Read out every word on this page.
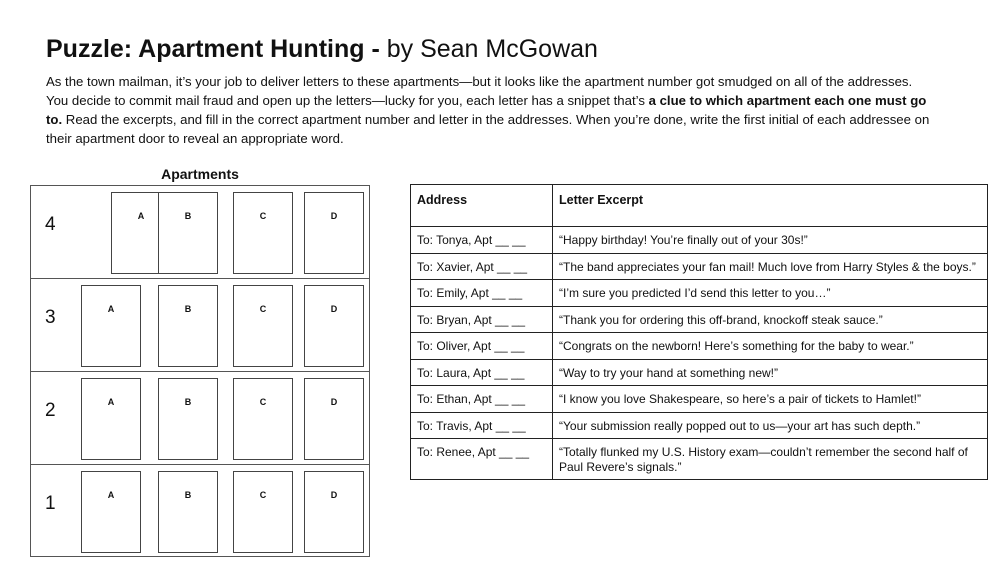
Puzzle: Apartment Hunting - by Sean McGowan
As the town mailman, it’s your job to deliver letters to these apartments—but it looks like the apartment number got smudged on all of the addresses. You decide to commit mail fraud and open up the letters—lucky for you, each letter has a snippet that’s a clue to which apartment each one must go to. Read the excerpts, and fill in the correct apartment number and letter in the addresses. When you’re done, write the first initial of each addressee on their apartment door to reveal an appropriate word.
Apartments
4	A	B	C	D
3	A	B	C	D
2	A	B	C	D
1	A	B	C	D
Address	Letter Excerpt
To: Tonya, Apt __ __	“Happy birthday! You’re finally out of your 30s!”
To: Xavier, Apt __ __	“The band appreciates your fan mail! Much love from Harry Styles & the boys.”
To: Emily, Apt __ __	“I’m sure you predicted I’d send this letter to you…”
To: Bryan, Apt __ __	“Thank you for ordering this off-brand, knockoff steak sauce.”
To: Oliver, Apt __ __	“Congrats on the newborn! Here’s something for the baby to wear.”
To: Laura, Apt __ __	“Way to try your hand at something new!”
To: Ethan, Apt __ __	“I know you love Shakespeare, so here’s a pair of tickets to Hamlet!”
To: Travis, Apt __ __	“Your submission really popped out to us—your art has such depth.”
To: Renee, Apt __ __	“Totally flunked my U.S. History exam—couldn’t remember the second half of Paul Revere’s signals.”
